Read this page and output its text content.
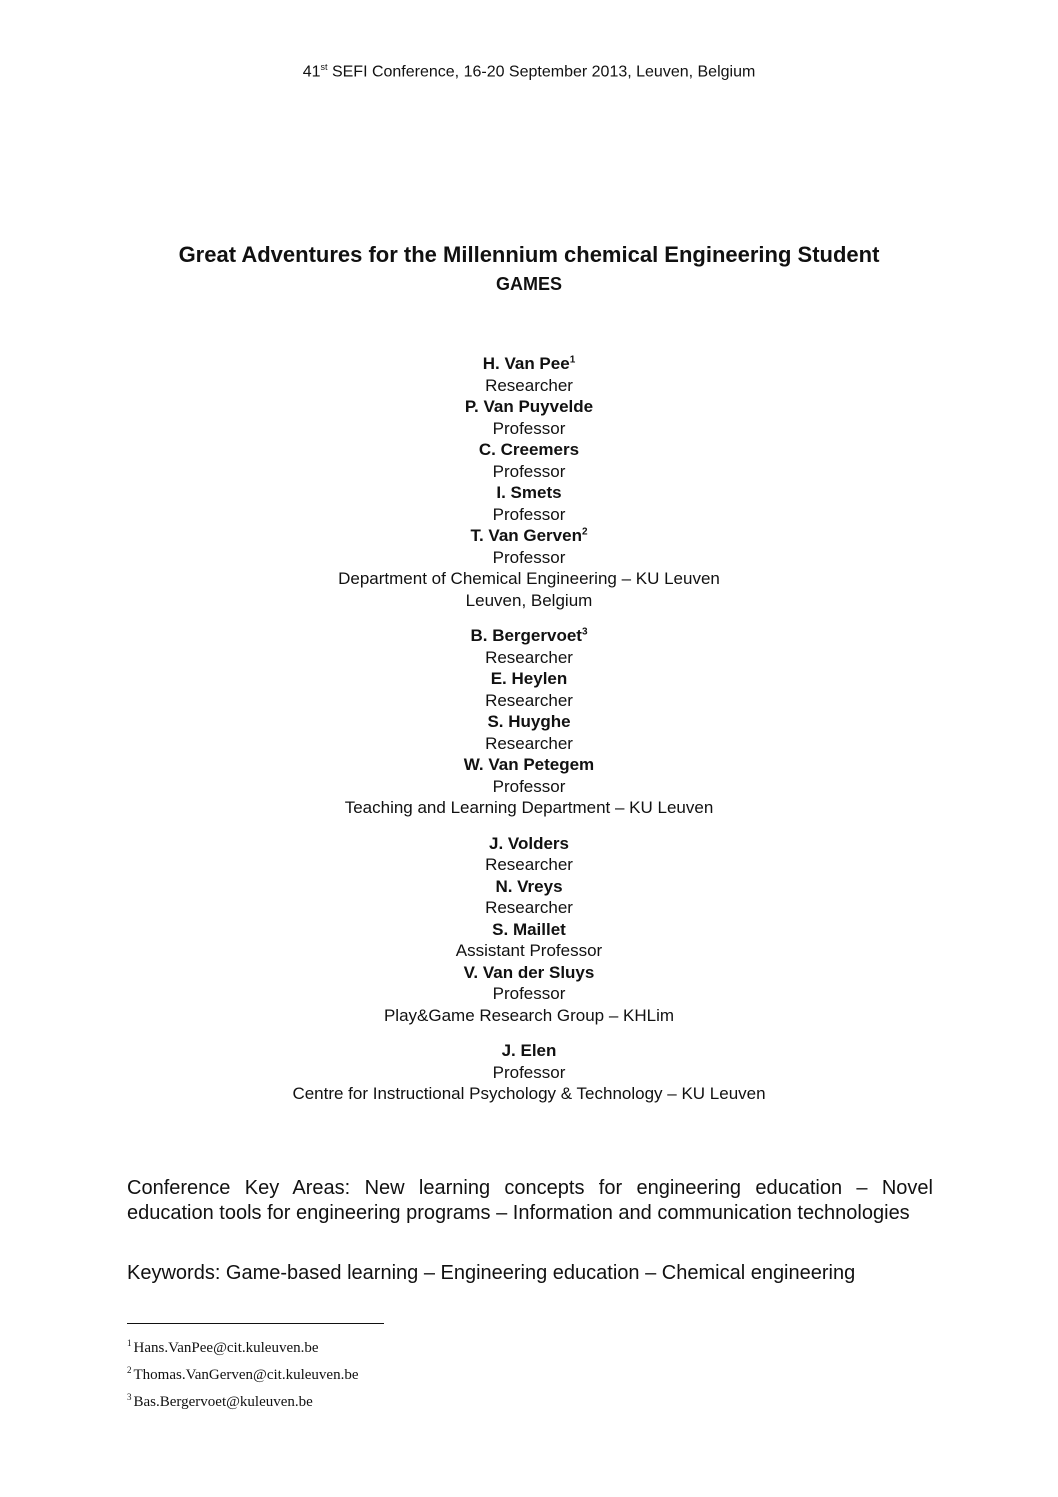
41st SEFI Conference, 16-20 September 2013, Leuven, Belgium
Great Adventures for the Millennium chemical Engineering Student
GAMES
H. Van Pee$^1$
Researcher
P. Van Puyvelde
Professor
C. Creemers
Professor
I. Smets
Professor
T. Van Gerven$^2$
Professor
Department of Chemical Engineering – KU Leuven
Leuven, Belgium
B. Bergervoet$^3$
Researcher
E. Heylen
Researcher
S. Huyghe
Researcher
W. Van Petegem
Professor
Teaching and Learning Department – KU Leuven
J. Volders
Researcher
N. Vreys
Researcher
S. Maillet
Assistant Professor
V. Van der Sluys
Professor
Play&Game Research Group – KHLim
J. Elen
Professor
Centre for Instructional Psychology & Technology – KU Leuven
Conference Key Areas: New learning concepts for engineering education – Novel education tools for engineering programs – Information and communication technologies
Keywords: Game-based learning – Engineering education – Chemical engineering
$^1$ Hans.VanPee@cit.kuleuven.be
$^2$ Thomas.VanGerven@cit.kuleuven.be
$^3$ Bas.Bergervoet@kuleuven.be
